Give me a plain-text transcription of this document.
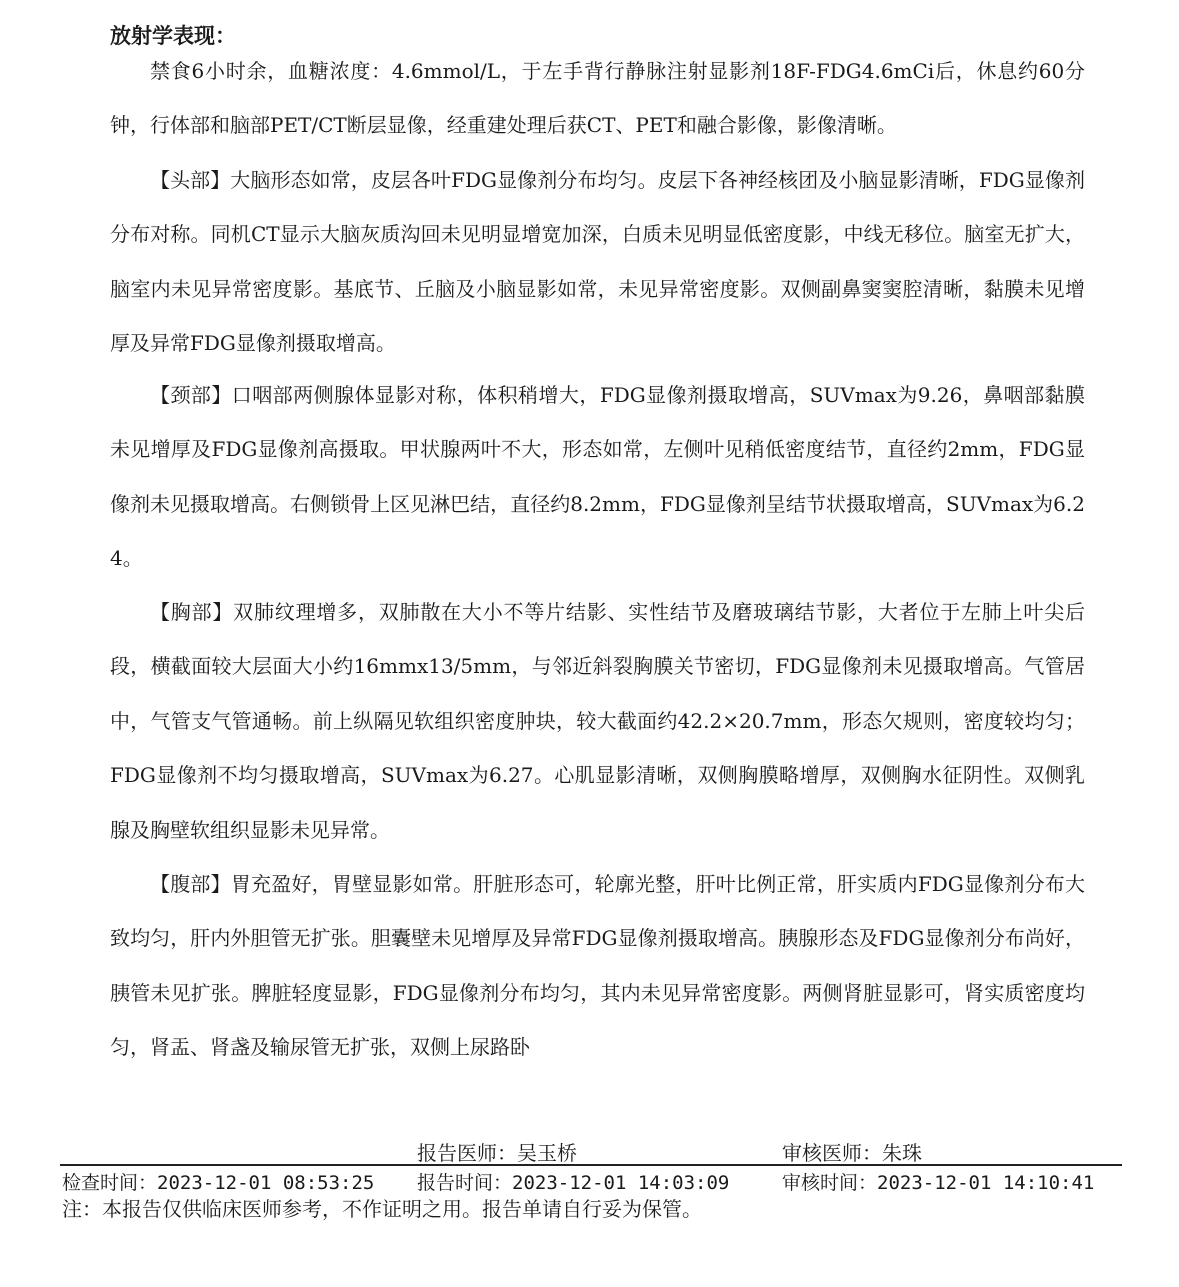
放射学表现：

禁食6小时余，血糖浓度：4.6mmol/L，于左手背行静脉注射显影剂18F-FDG4.6mCi后，休息约60分钟，行体部和脑部PET/CT断层显像，经重建处理后获CT、PET和融合影像，影像清晰。

【头部】大脑形态如常，皮层各叶FDG显像剂分布均匀。皮层下各神经核团及小脑显影清晰，FDG显像剂分布对称。同机CT显示大脑灰质沟回未见明显增宽加深，白质未见明显低密度影，中线无移位。脑室无扩大，脑室内未见异常密度影。基底节、丘脑及小脑显影如常，未见异常密度影。双侧副鼻窦窦腔清晰，黏膜未见增厚及异常FDG显像剂摄取增高。

【颈部】口咽部两侧腺体显影对称，体积稍增大，FDG显像剂摄取增高，SUVmax为9.26，鼻咽部黏膜未见增厚及FDG显像剂高摄取。甲状腺两叶不大，形态如常，左侧叶见稍低密度结节，直径约2mm，FDG显像剂未见摄取增高。右侧锁骨上区见淋巴结，直径约8.2mm，FDG显像剂呈结节状摄取增高，SUVmax为6.24。

【胸部】双肺纹理增多，双肺散在大小不等片结影、实性结节及磨玻璃结节影，大者位于左肺上叶尖后段，横截面较大层面大小约16mmx13/5mm，与邻近斜裂胸膜关节密切，FDG显像剂未见摄取增高。气管居中，气管支气管通畅。前上纵隔见软组织密度肿块，较大截面约42.2×20.7mm，形态欠规则，密度较均匀；FDG显像剂不均匀摄取增高，SUVmax为6.27。心肌显影清晰，双侧胸膜略增厚，双侧胸水征阴性。双侧乳腺及胸壁软组织显影未见异常。

【腹部】胃充盈好，胃壁显影如常。肝脏形态可，轮廓光整，肝叶比例正常，肝实质内FDG显像剂分布大致均匀，肝内外胆管无扩张。胆囊壁未见增厚及异常FDG显像剂摄取增高。胰腺形态及FDG显像剂分布尚好，胰管未见扩张。脾脏轻度显影，FDG显像剂分布均匀，其内未见异常密度影。两侧肾脏显影可，肾实质密度均匀，肾盂、肾盏及输尿管无扩张，双侧上尿路卧

报告医师：吴玉桥	审核医师：朱珠
检查时间：2023-12-01 08:53:25 报告时间：2023-12-01 14:03:09	审核时间：2023-12-01 14:10:41
注：本报告仅供临床医师参考，不作证明之用。报告单请自行妥为保管。
